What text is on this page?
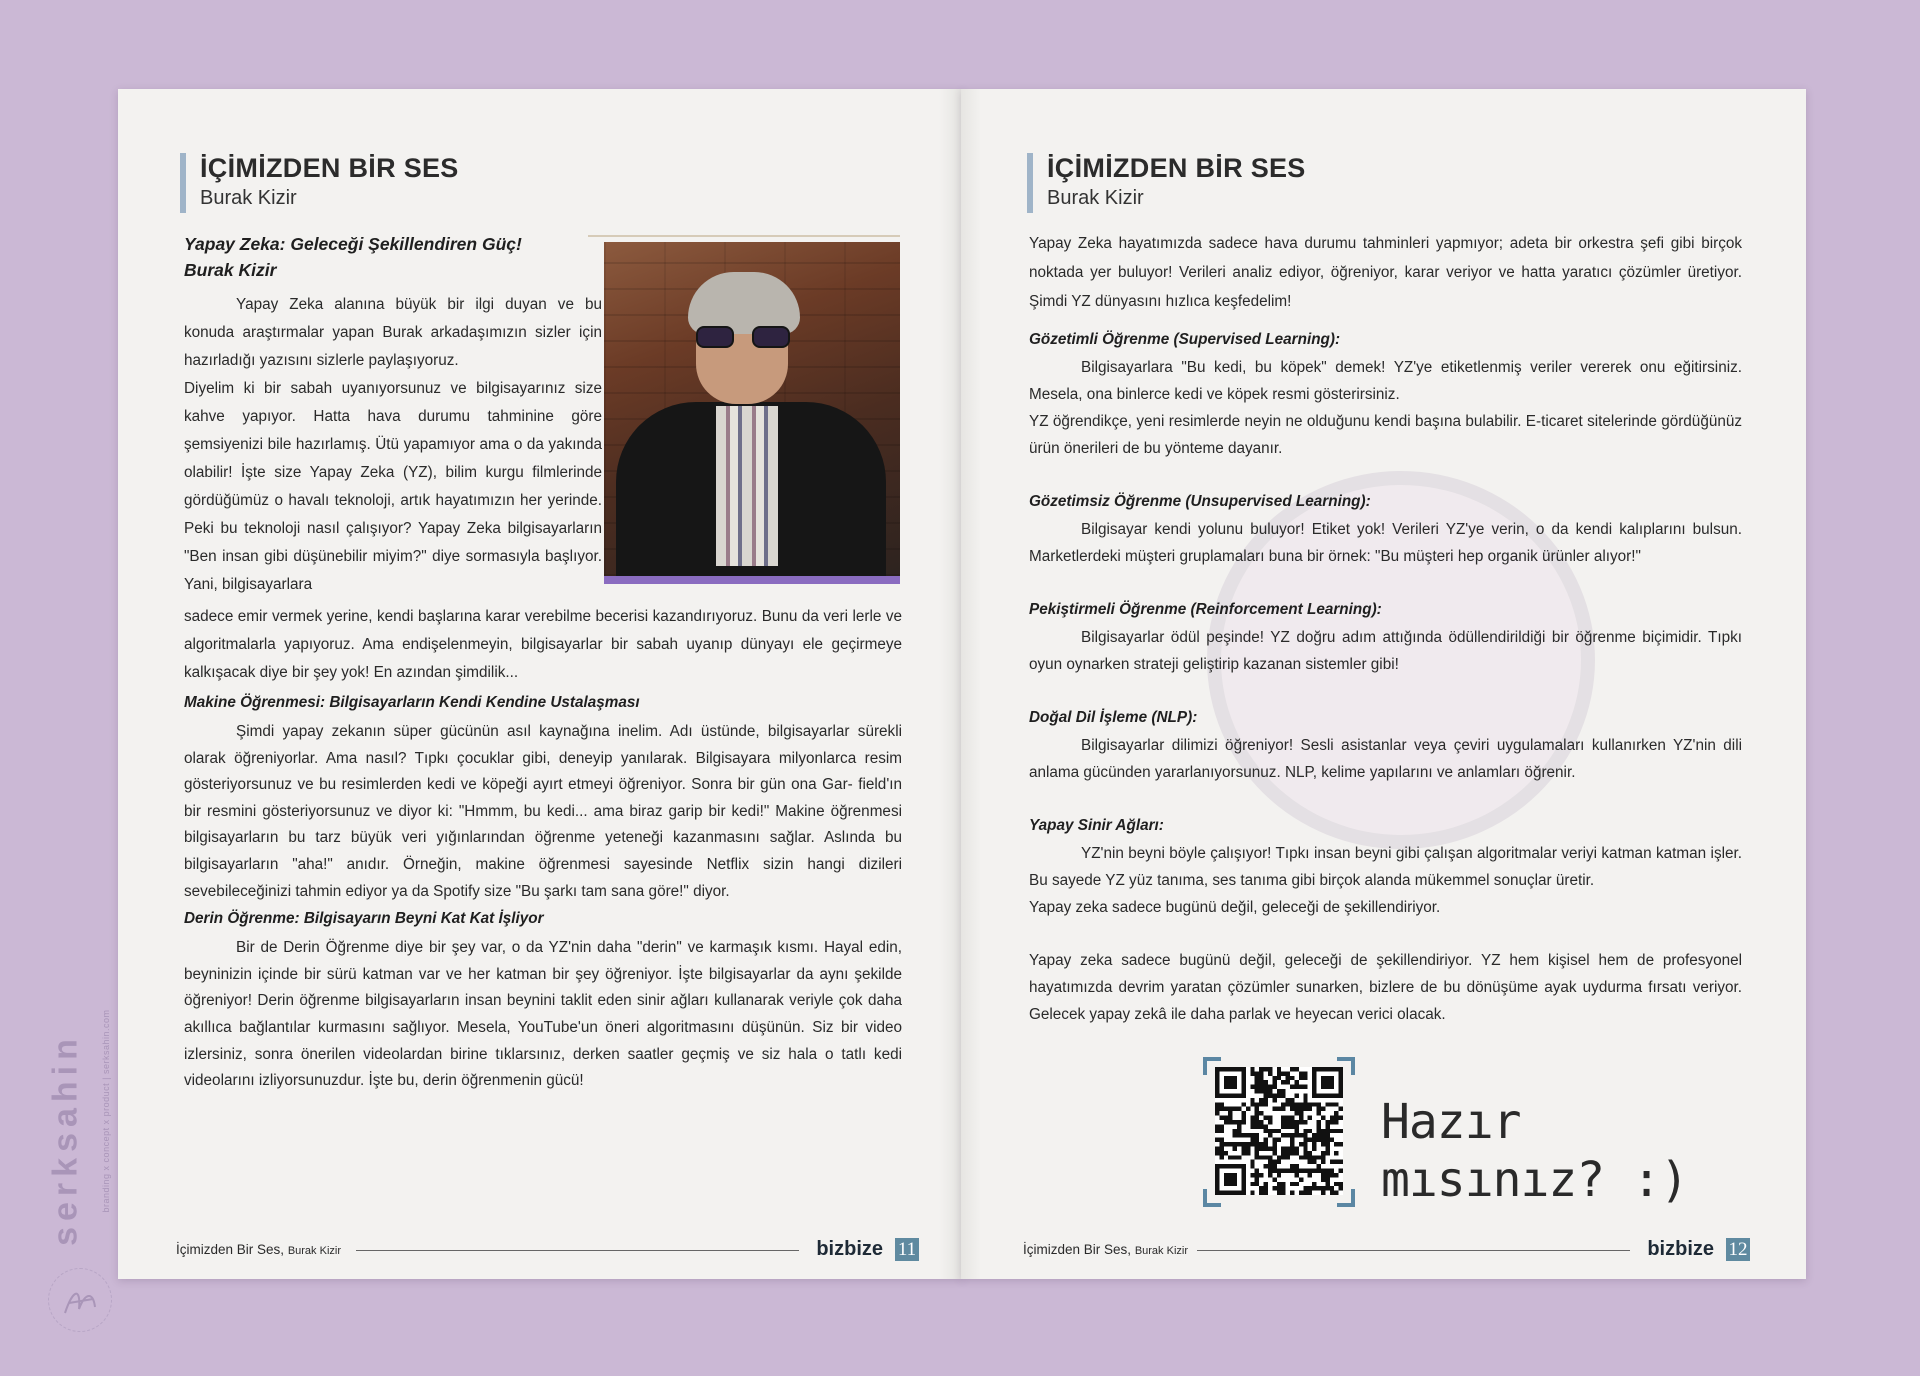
İÇİMİZDEN BİR SES
Burak Kizir

Yapay Zeka: Geleceği Şekillendiren Güç!
Burak Kizir

Yapay Zeka alanına büyük bir ilgi duyan ve bu konuda araştırmalar yapan Burak arkadaşımızın sizler için hazırladığı yazısını sizlerle paylaşıyoruz.

Diyelim ki bir sabah uyanıyorsunuz ve bilgisayarınız size kahve yapıyor. Hatta hava durumu tahminine göre şemsiyenizi bile hazırlamış. Ütü yapamıyor ama o da yakında olabilir! İşte size Yapay Zeka (YZ), bilim kurgu filmlerinde gördüğümüz o havalı teknoloji, artık hayatımızın her yerinde. Peki bu teknoloji nasıl çalışıyor? Yapay Zeka bilgisayarların "Ben insan gibi düşünebilir miyim?" diye sormasıyla başlıyor. Yani, bilgisayarlara

sadece emir vermek yerine, kendi başlarına karar verebilme becerisi kazandırıyoruz. Bunu da veri lerle ve algoritmalarla yapıyoruz. Ama endişelenmeyin, bilgisayarlar bir sabah uyanıp dünyayı ele geçirmeye kalkışacak diye bir şey yok! En azından şimdilik...

Makine Öğrenmesi: Bilgisayarların Kendi Kendine Ustalaşması

Şimdi yapay zekanın süper gücünün asıl kaynağına inelim. Adı üstünde, bilgisayarlar sürekli olarak öğreniyorlar. Ama nasıl? Tıpkı çocuklar gibi, deneyip yanılarak. Bilgisayara milyonlarca resim gösteriyorsunuz ve bu resimlerden kedi ve köpeği ayırt etmeyi öğreniyor. Sonra bir gün ona Gar- field'ın bir resmini gösteriyorsunuz ve diyor ki: "Hmmm, bu kedi... ama biraz garip bir kedi!" Makine öğrenmesi bilgisayarların bu tarz büyük veri yığınlarından öğrenme yeteneği kazanmasını sağlar. Aslında bu bilgisayarların "aha!" anıdır. Örneğin, makine öğrenmesi sayesinde Netflix sizin hangi dizileri sevebileceğinizi tahmin ediyor ya da Spotify size "Bu şarkı tam sana göre!" diyor.

Derin Öğrenme: Bilgisayarın Beyni Kat Kat İşliyor

Bir de Derin Öğrenme diye bir şey var, o da YZ'nin daha "derin" ve karmaşık kısmı. Hayal edin, beyninizin içinde bir sürü katman var ve her katman bir şey öğreniyor. İşte bilgisayarlar da aynı şekilde öğreniyor! Derin öğrenme bilgisayarların insan beynini taklit eden sinir ağları kullanarak veriyle çok daha akıllıca bağlantılar kurmasını sağlıyor. Mesela, YouTube'un öneri algoritmasını düşünün. Siz bir video izlersiniz, sonra önerilen videolardan birine tıklarsınız, derken saatler geçmiş ve siz hala o tatlı kedi videolarını izliyorsunuzdur. İşte bu, derin öğrenmenin gücü!

İçimizden Bir Ses, Burak Kizir	bizbize 11
İÇİMİZDEN BİR SES
Burak Kizir

Yapay Zeka hayatımızda sadece hava durumu tahminleri yapmıyor; adeta bir orkestra şefi gibi birçok noktada yer buluyor! Verileri analiz ediyor, öğreniyor, karar veriyor ve hatta yaratıcı çözümler üretiyor. Şimdi YZ dünyasını hızlıca keşfedelim!

Gözetimli Öğrenme (Supervised Learning):

Bilgisayarlara "Bu kedi, bu köpek" demek! YZ'ye etiketlenmiş veriler vererek onu eğitirsiniz. Mesela, ona binlerce kedi ve köpek resmi gösterirsiniz.

YZ öğrendikçe, yeni resimlerde neyin ne olduğunu kendi başına bulabilir. E-ticaret sitelerinde gördüğünüz ürün önerileri de bu yönteme dayanır.

Gözetimsiz Öğrenme (Unsupervised Learning):

Bilgisayar kendi yolunu buluyor! Etiket yok! Verileri YZ'ye verin, o da kendi kalıplarını bulsun. Marketlerdeki müşteri gruplamaları buna bir örnek: "Bu müşteri hep organik ürünler alıyor!"

Pekiştirmeli Öğrenme (Reinforcement Learning):

Bilgisayarlar ödül peşinde! YZ doğru adım attığında ödüllendirildiği bir öğrenme biçimidir. Tıpkı oyun oynarken strateji geliştirip kazanan sistemler gibi!

Doğal Dil İşleme (NLP):

Bilgisayarlar dilimizi öğreniyor! Sesli asistanlar veya çeviri uygulamaları kullanırken YZ'nin dili anlama gücünden yararlanıyorsunuz. NLP, kelime yapılarını ve anlamları öğrenir.

Yapay Sinir Ağları:

YZ'nin beyni böyle çalışıyor! Tıpkı insan beyni gibi çalışan algoritmalar veriyi katman katman işler. Bu sayede YZ yüz tanıma, ses tanıma gibi birçok alanda mükemmel sonuçlar üretir.

Yapay zeka sadece bugünü değil, geleceği de şekillendiriyor.

Yapay zeka sadece bugünü değil, geleceği de şekillendiriyor. YZ hem kişisel hem de profesyonel hayatımızda devrim yaratan çözümler sunarken, bizlere de bu dönüşüme ayak uydurma fırsatı veriyor. Gelecek yapay zekâ ile daha parlak ve heyecan verici olacak.

Hazır
mısınız? :)
İçimizden Bir Ses, Burak Kizir	bizbize 12
serksahin branding x concept x product | serksahin.com
